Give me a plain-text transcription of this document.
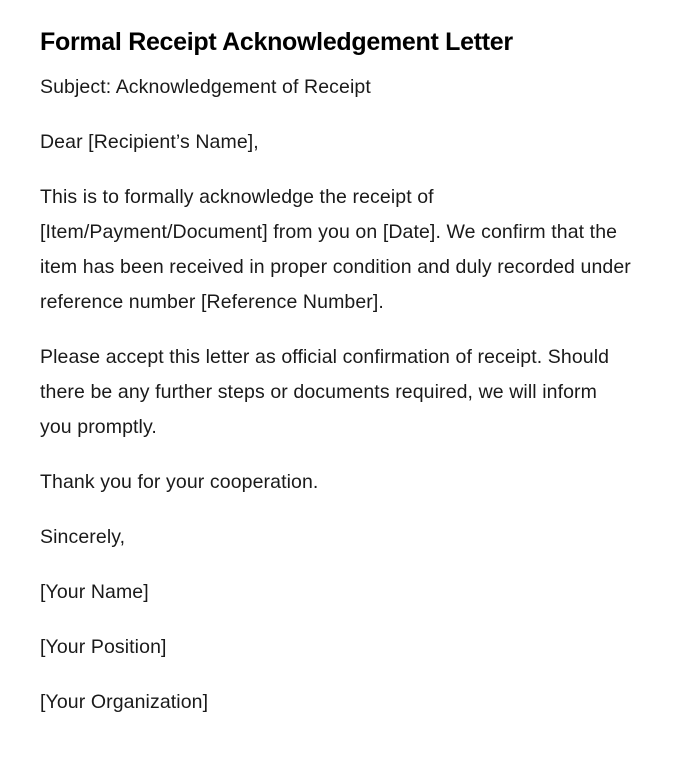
Formal Receipt Acknowledgement Letter

Subject: Acknowledgement of Receipt

Dear [Recipient’s Name],

This is to formally acknowledge the receipt of [Item/Payment/Document] from you on [Date]. We confirm that the item has been received in proper condition and duly recorded under reference number [Reference Number].

Please accept this letter as official confirmation of receipt. Should there be any further steps or documents required, we will inform you promptly.

Thank you for your cooperation.

Sincerely,

[Your Name]

[Your Position]

[Your Organization]
